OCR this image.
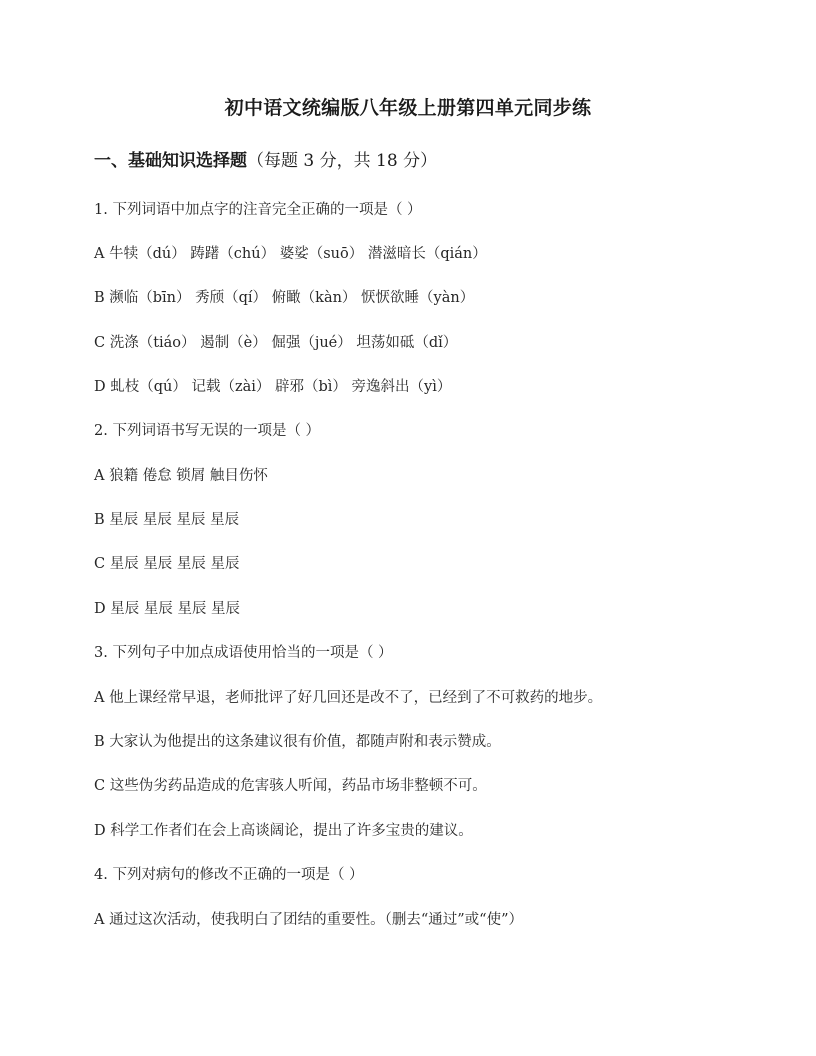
初中语文统编版八年级上册第四单元同步练
一、基础知识选择题（每题 3 分，共 18 分）
1. 下列词语中加点字的注音完全正确的一项是（ ）
A 牛犊（dú） 踌躇（chú） 婆娑（suō） 潜滋暗长（qián）
B 濒临（bīn） 秀颀（qí） 俯瞰（kàn） 恹恹欲睡（yàn）
C 洗涤（tiáo） 遏制（è） 倔强（jué） 坦荡如砥（dǐ）
D 虬枝（qú） 记载（zài） 辟邪（bì） 旁逸斜出（yì）
2. 下列词语书写无误的一项是（ ）
A 狼籍 倦怠 锁屑 触目伤怀
B 星辰 星辰 星辰 星辰
C 星辰 星辰 星辰 星辰
D 星辰 星辰 星辰 星辰
3. 下列句子中加点成语使用恰当的一项是（ ）
A 他上课经常早退，老师批评了好几回还是改不了，已经到了不可救药的地步。
B 大家认为他提出的这条建议很有价值，都随声附和表示赞成。
C 这些伪劣药品造成的危害骇人听闻，药品市场非整顿不可。
D 科学工作者们在会上高谈阔论，提出了许多宝贵的建议。
4. 下列对病句的修改不正确的一项是（ ）
A 通过这次活动，使我明白了团结的重要性。（删去“通过”或“使”）
